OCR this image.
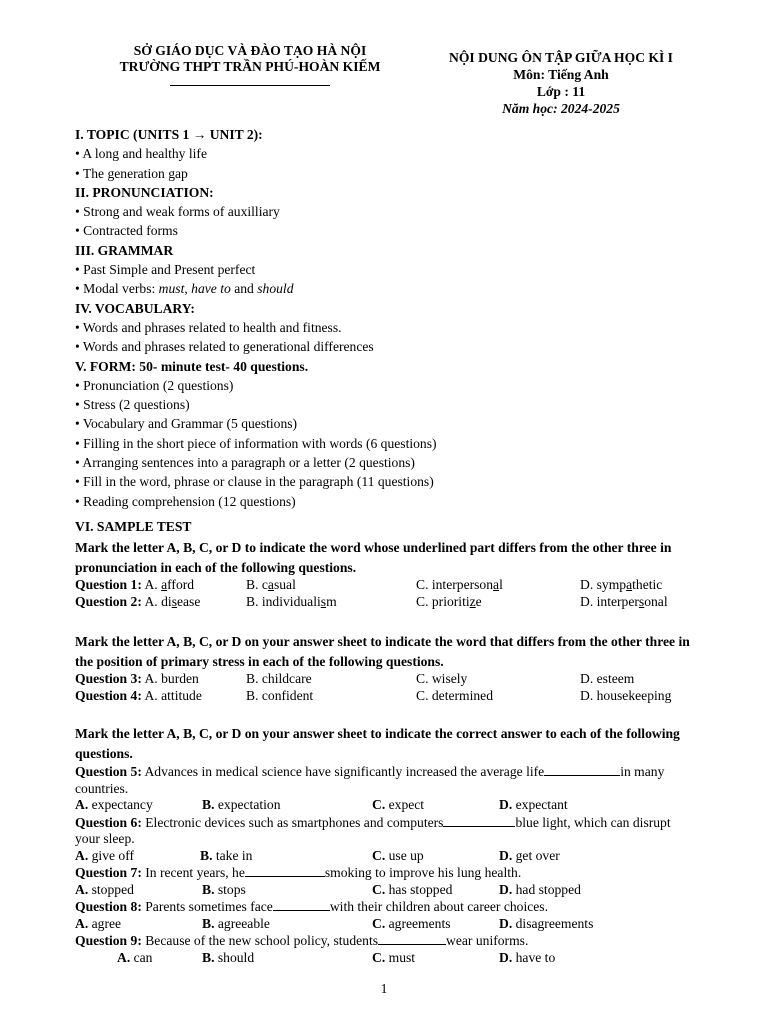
SỞ GIÁO DỤC VÀ ĐÀO TẠO HÀ NỘI
TRƯỜNG THPT TRẦN PHÚ-HOÀN KIẾM
NỘI DUNG ÔN TẬP GIỮA HỌC KÌ I
Môn: Tiếng Anh
Lớp : 11
Năm học: 2024-2025
I. TOPIC (UNITS 1 → UNIT 2):
• A long and healthy life
• The generation gap
II. PRONUNCIATION:
• Strong and weak forms of auxilliary
• Contracted forms
III. GRAMMAR
• Past Simple and Present perfect
• Modal verbs: must, have to and should
IV. VOCABULARY:
• Words and phrases related to health and fitness.
• Words and phrases related to generational differences
V. FORM: 50- minute test- 40 questions.
• Pronunciation (2 questions)
• Stress (2 questions)
• Vocabulary and Grammar (5 questions)
• Filling in the short piece of information with words (6 questions)
• Arranging sentences into a paragraph or a letter (2 questions)
• Fill in the word, phrase or clause in the paragraph (11 questions)
• Reading comprehension (12 questions)
VI. SAMPLE TEST
Mark the letter A, B, C, or D to indicate the word whose underlined part differs from the other three in pronunciation in each of the following questions.
Question 1: A. afford	B. casual	C. interpersonal	D. sympathetic
Question 2: A. disease	B. individualism	C. prioritize	D. interpersonal
Mark the letter A, B, C, or D on your answer sheet to indicate the word that differs from the other three in the position of primary stress in each of the following questions.
Question 3: A. burden	B. childcare	C. wisely	D. esteem
Question 4: A. attitude	B. confident	C. determined	D. housekeeping
Mark the letter A, B, C, or D on your answer sheet to indicate the correct answer to each of the following questions.
Question 5: Advances in medical science have significantly increased the average life	in many countries.
A. expectancy	B. expectation	C. expect	D. expectant
Question 6: Electronic devices such as smartphones and computers	blue light, which can disrupt your sleep.
A. give off	B. take in	C. use up	D. get over
Question 7: In recent years, he	smoking to improve his lung health.
A. stopped	B. stops	C. has stopped	D. had stopped
Question 8: Parents sometimes face	with their children about career choices.
A. agree	B. agreeable	C. agreements	D. disagreements
Question 9: Because of the new school policy, students	wear uniforms.
A. can	B. should	C. must	D. have to
1
